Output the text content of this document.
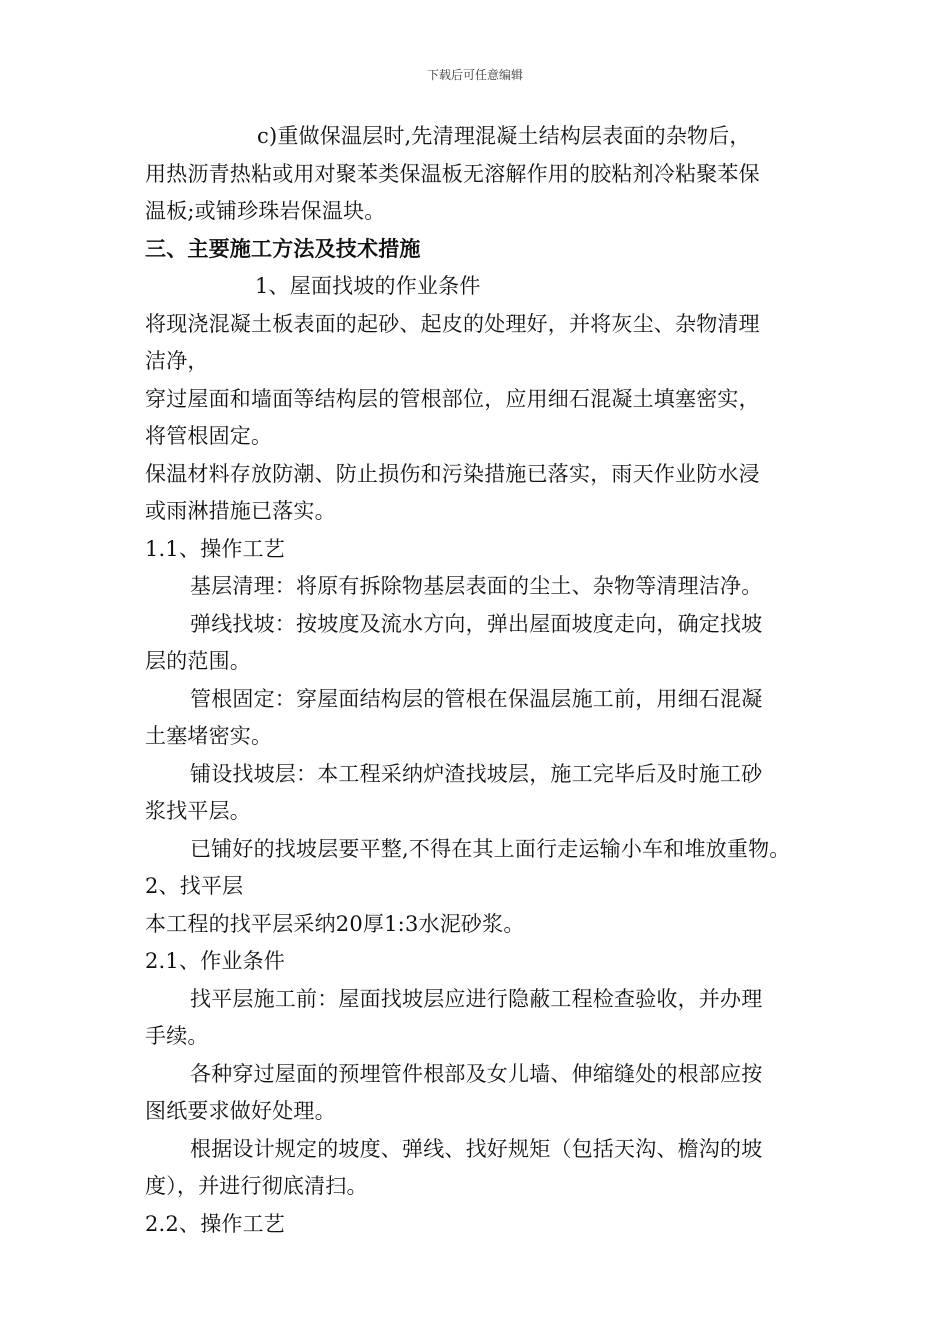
下载后可任意编辑
c)重做保温层时,先清理混凝土结构层表面的杂物后，
用热沥青热粘或用对聚苯类保温板无溶解作用的胶粘剂冷粘聚苯保
温板;或铺珍珠岩保温块。
三、主要施工方法及技术措施
1、屋面找坡的作业条件
将现浇混凝土板表面的起砂、起皮的处理好，并将灰尘、杂物清理
洁净，
穿过屋面和墙面等结构层的管根部位，应用细石混凝土填塞密实，
将管根固定。
保温材料存放防潮、防止损伤和污染措施已落实，雨天作业防水浸
或雨淋措施已落实。
1.1、操作工艺
基层清理：将原有拆除物基层表面的尘土、杂物等清理洁净。
弹线找坡：按坡度及流水方向，弹出屋面坡度走向，确定找坡
层的范围。
管根固定：穿屋面结构层的管根在保温层施工前，用细石混凝
土塞堵密实。
铺设找坡层：本工程采纳炉渣找坡层，施工完毕后及时施工砂
浆找平层。
已铺好的找坡层要平整,不得在其上面行走运输小车和堆放重物。
2、找平层
本工程的找平层采纳20厚1:3水泥砂浆。
2.1、作业条件
找平层施工前：屋面找坡层应进行隐蔽工程检查验收，并办理
手续。
各种穿过屋面的预埋管件根部及女儿墙、伸缩缝处的根部应按
图纸要求做好处理。
根据设计规定的坡度、弹线、找好规矩（包括天沟、檐沟的坡
度），并进行彻底清扫。
2.2、操作工艺
